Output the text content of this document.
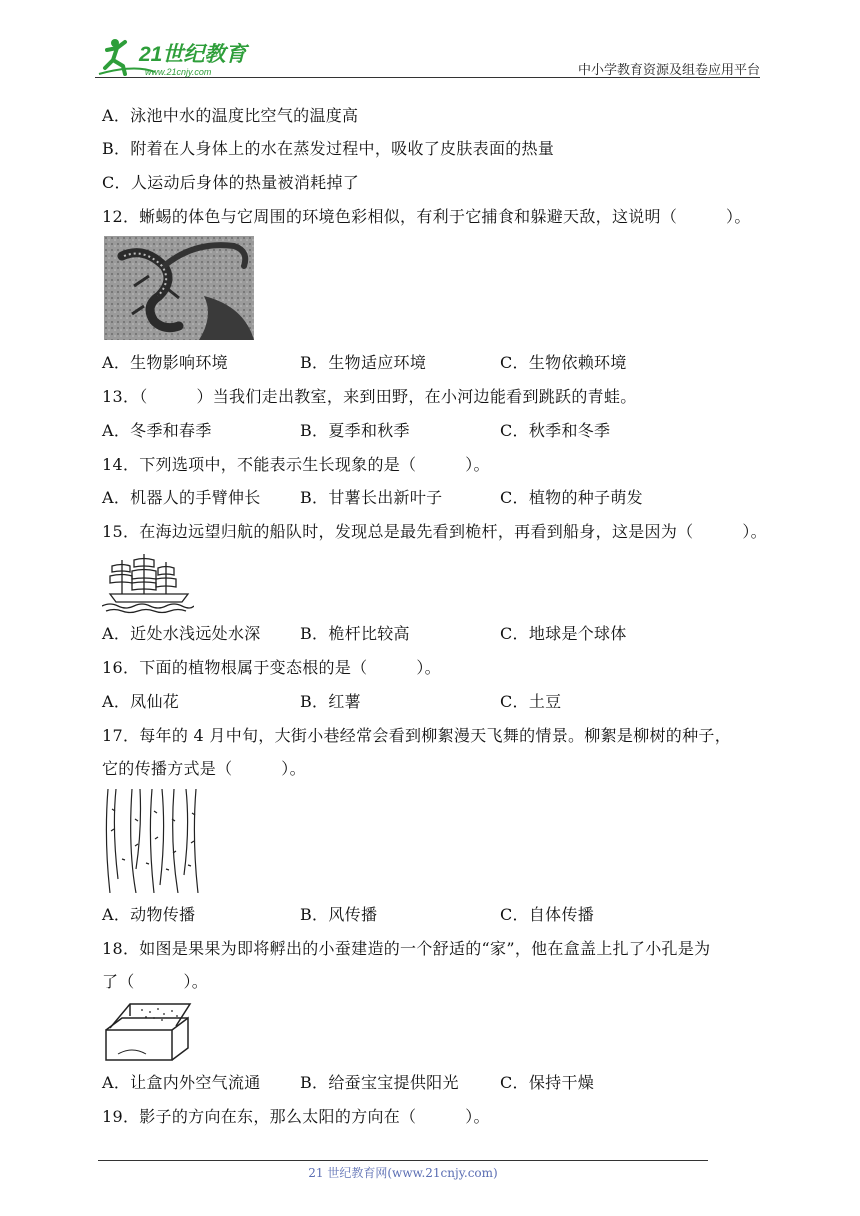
21世纪教育
www.21cnjy.com	中小学教育资源及组卷应用平台
A．泳池中水的温度比空气的温度高
B．附着在人身体上的水在蒸发过程中，吸收了皮肤表面的热量
C．人运动后身体的热量被消耗掉了
12．蜥蜴的体色与它周围的环境色彩相似，有利于它捕食和躲避天敌，这说明（　　　）。
A．生物影响环境	B．生物适应环境	C．生物依赖环境
13．（　　　）当我们走出教室，来到田野，在小河边能看到跳跃的青蛙。
A．冬季和春季	B．夏季和秋季	C．秋季和冬季
14．下列选项中，不能表示生长现象的是（　　　）。
A．机器人的手臂伸长 B．甘薯长出新叶子	C．植物的种子萌发
15．在海边远望归航的船队时，发现总是最先看到桅杆，再看到船身，这是因为（　　　）。
A．近处水浅远处水深 B．桅杆比较高	C．地球是个球体
16．下面的植物根属于变态根的是（　　　）。
A．凤仙花	B．红薯	C．土豆
17．每年的 4 月中旬，大街小巷经常会看到柳絮漫天飞舞的情景。柳絮是柳树的种子，
它的传播方式是（　　　）。
A．动物传播	B．风传播	C．自体传播
18．如图是果果为即将孵出的小蚕建造的一个舒适的“家”，他在盒盖上扎了小孔是为
了（　　　）。
A．让盒内外空气流通 B．给蚕宝宝提供阳光	C．保持干燥
19．影子的方向在东，那么太阳的方向在（　　　）。
21 世纪教育网(www.21cnjy.com)
